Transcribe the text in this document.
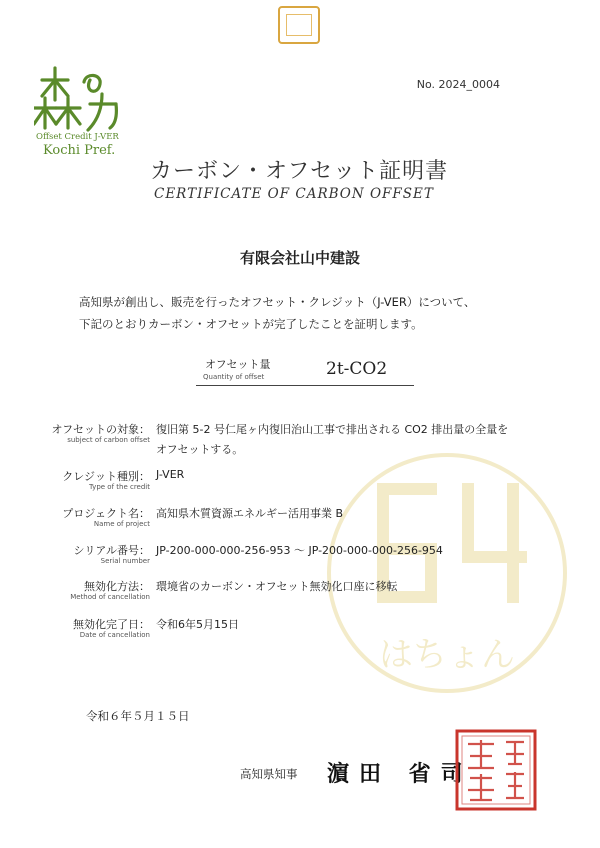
Offset Credit J-VER
Kochi Pref.
No. 2024_0004
カーボン・オフセット証明書
CERTIFICATE OF CARBON OFFSET
有限会社山中建設
高知県が創出し、販売を行ったオフセット・クレジット（J-VER）について、
下記のとおりカーボン・オフセットが完了したことを証明します。
オフセット量
Quantity of offset	2t-CO2
はちょん
オフセットの対象：
subject of carbon offset
復旧第 5-2 号仁尾ヶ内復旧治山工事で排出される CO2 排出量の全量を
オフセットする。
クレジット種別：
Type of the credit
J-VER
プロジェクト名：
Name of project
高知県木質資源エネルギー活用事業 B
シリアル番号：
Serial number
JP-200-000-000-256-953 ～ JP-200-000-000-256-954
無効化方法：
Method of cancellation
環境省のカーボン・オフセット無効化口座に移転
無効化完了日：
Date of cancellation
令和6年5月15日
令和６年５月１５日
高知県知事 濵田 省司
